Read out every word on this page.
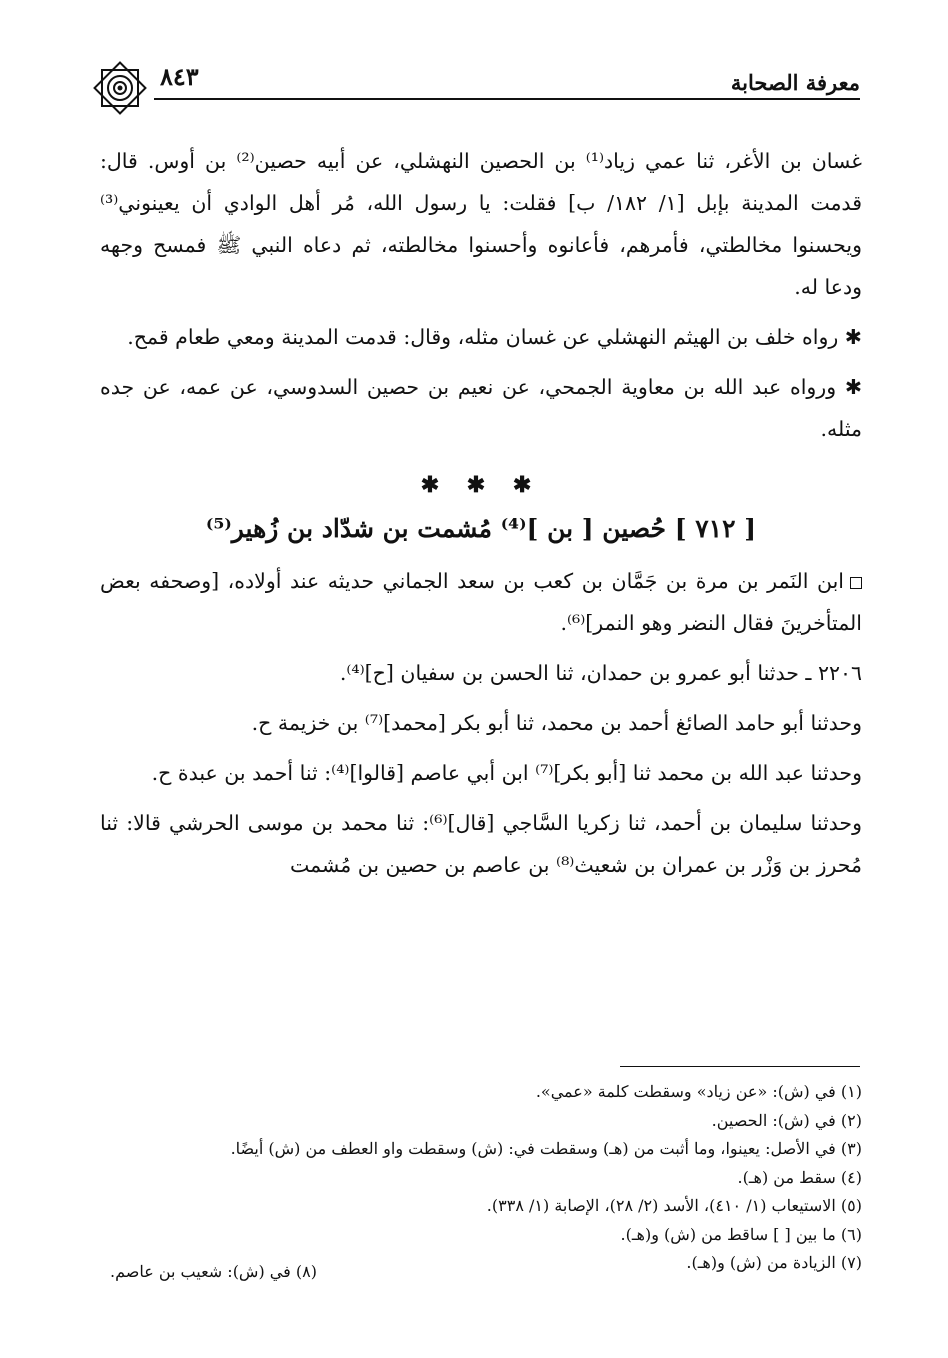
معرفة الصحابة
٨٤٣

غسان بن الأغر، ثنا عمي زياد⁽¹⁾ بن الحصين النهشلي، عن أبيه حصين⁽²⁾ بن أوس. قال: قدمت المدينة بإبل [١/ ١٨٢/ ب] فقلت: يا رسول الله، مُر أهل الوادي أن يعينوني⁽³⁾ ويحسنوا مخالطتي، فأمرهم، فأعانوه وأحسنوا مخالطته، ثم دعاه النبي ﷺ فمسح وجهه ودعا له.

✱ رواه خلف بن الهيثم النهشلي عن غسان مثله، وقال: قدمت المدينة ومعي طعام قمح.

✱ ورواه عبد الله بن معاوية الجمحي، عن نعيم بن حصين السدوسي، عن عمه، عن جده مثله.

✱ ✱ ✱
[ ٧١٢ ] حُصين [ بن ]⁽⁴⁾ مُشمت بن شدّاد بن زُهير⁽⁵⁾

ابن النَمر بن مرة بن جَمَّان بن كعب بن سعد الجماني حديثه عند أولاده، [وصحفه بعض المتأخرينَ فقال النضر وهو النمر]⁽⁶⁾.

٢٢٠٦ ـ حدثنا أبو عمرو بن حمدان، ثنا الحسن بن سفيان [ح]⁽⁴⁾.

وحدثنا أبو حامد الصائغ أحمد بن محمد، ثنا أبو بكر [محمد]⁽⁷⁾ بن خزيمة ح.

وحدثنا عبد الله بن محمد ثنا [أبو بكر]⁽⁷⁾ ابن أبي عاصم [قالوا]⁽⁴⁾: ثنا أحمد بن عبدة ح.

وحدثنا سليمان بن أحمد، ثنا زكريا السَّاجي [قال]⁽⁶⁾: ثنا محمد بن موسى الحرشي قالا: ثنا مُحرز بن وَزْر بن عمران بن شعيث⁽⁸⁾ بن عاصم بن حصين بن مُشمت

(١) في (ش): «عن زياد» وسقطت كلمة «عمي».
(٢) في (ش): الحصين.
(٣) في الأصل: يعينوا، وما أثبت من (هـ) وسقطت في: (ش) وسقطت واو العطف من (ش) أيضًا.
(٤) سقط من (هـ).
(٥) الاستيعاب (١/ ٤١٠)، الأسد (٢/ ٢٨)، الإصابة (١/ ٣٣٨).
(٦) ما بين [ ] ساقط من (ش) و(هـ).
(٧) الزيادة من (ش) و(هـ).
(٨) في (ش): شعيب بن عاصم.
